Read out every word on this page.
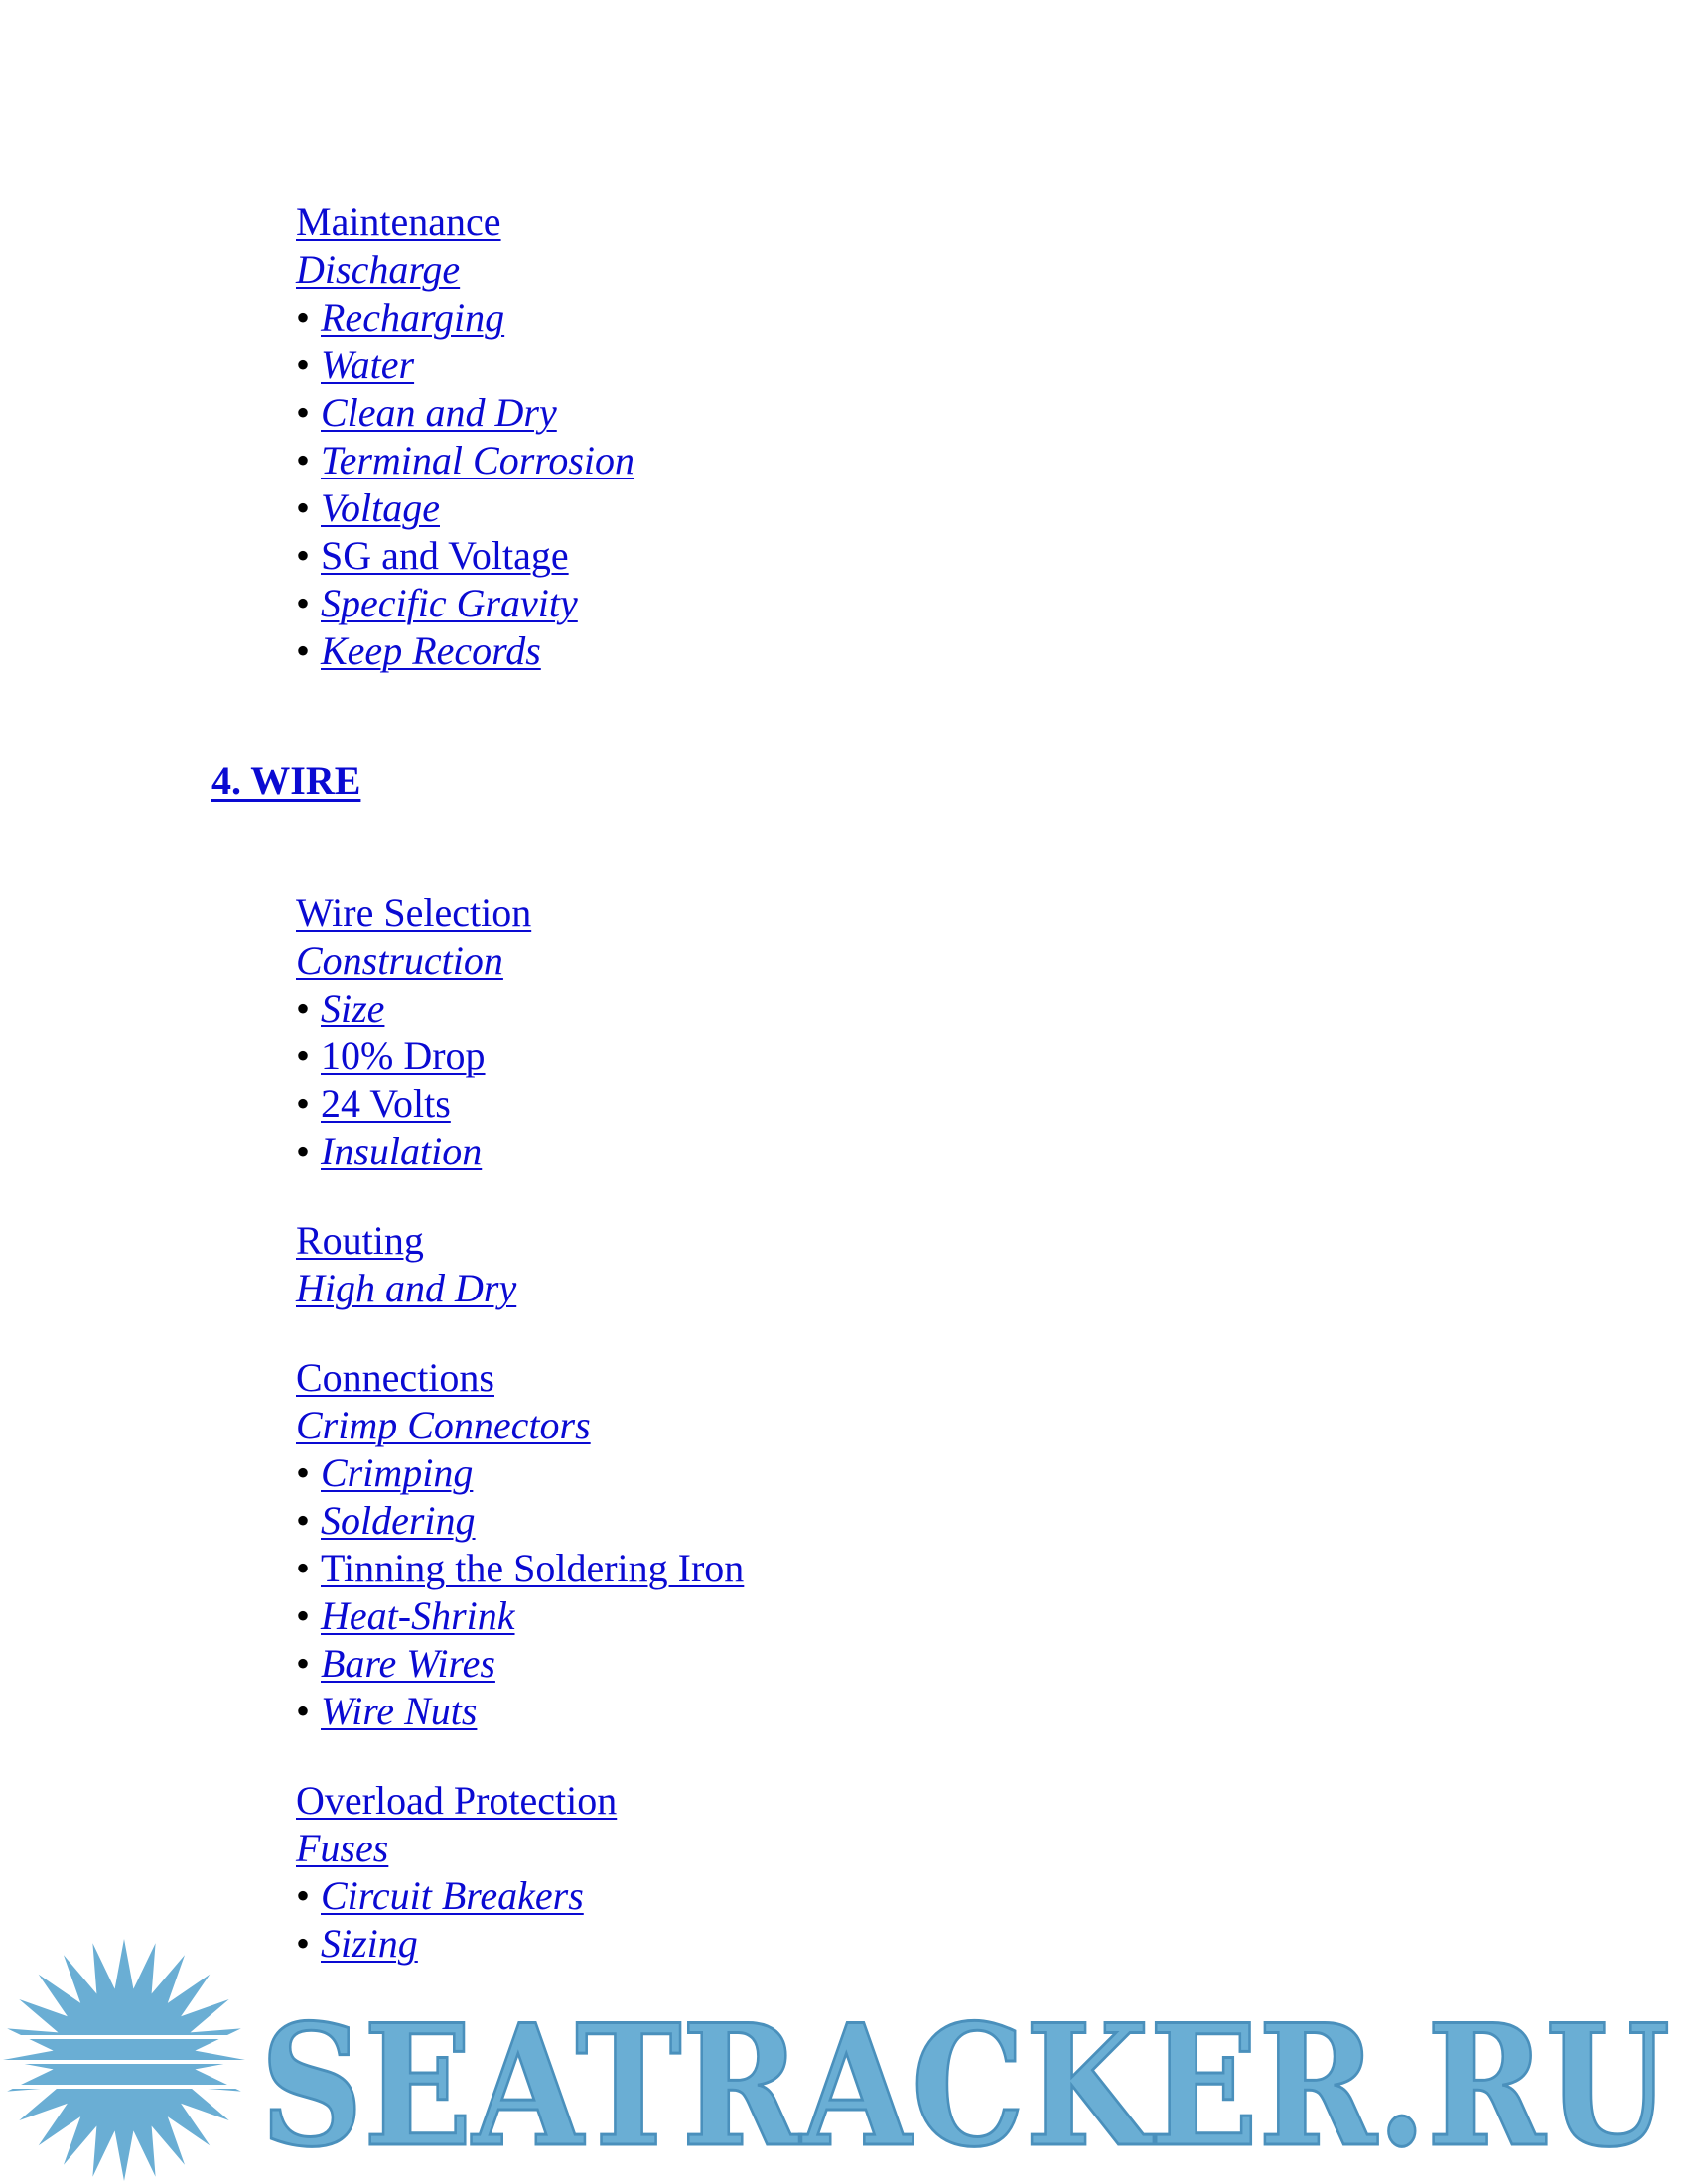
Maintenance
Discharge
• Recharging
• Water
• Clean and Dry
• Terminal Corrosion
• Voltage
• SG and Voltage
• Specific Gravity
• Keep Records
4. WIRE
Wire Selection
Construction
• Size
• 10% Drop
• 24 Volts
• Insulation
Routing
High and Dry
Connections
Crimp Connectors
• Crimping
• Soldering
• Tinning the Soldering Iron
• Heat-Shrink
• Bare Wires
• Wire Nuts
Overload Protection
Fuses
• Circuit Breakers
• Sizing
SEATRACKER.RU
